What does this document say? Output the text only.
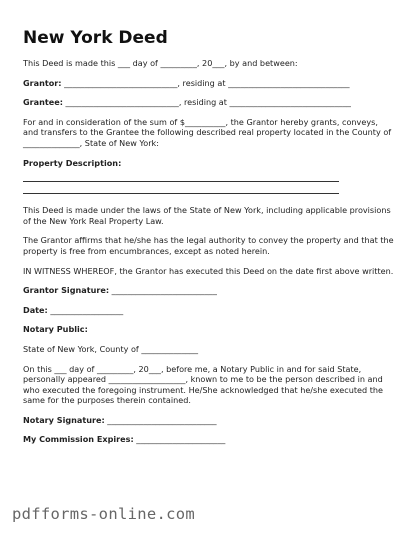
New York Deed

This Deed is made this ___ day of _________, 20___, by and between:

Grantor: ____________________________, residing at ______________________________

Grantee: ____________________________, residing at ______________________________

For and in consideration of the sum of $__________, the Grantor hereby grants, conveys, and transfers to the Grantee the following described real property located in the County of ______________, State of New York:

Property Description:

This Deed is made under the laws of the State of New York, including applicable provisions of the New York Real Property Law.

The Grantor affirms that he/she has the legal authority to convey the property and that the property is free from encumbrances, except as noted herein.

IN WITNESS WHEREOF, the Grantor has executed this Deed on the date first above written.

Grantor Signature: __________________________

Date: __________________

Notary Public:

State of New York, County of ______________

On this ___ day of _________, 20___, before me, a Notary Public in and for said State, personally appeared ___________________, known to me to be the person described in and who executed the foregoing instrument. He/She acknowledged that he/she executed the same for the purposes therein contained.

Notary Signature: ___________________________

My Commission Expires: ______________________

pdfforms-online.com
